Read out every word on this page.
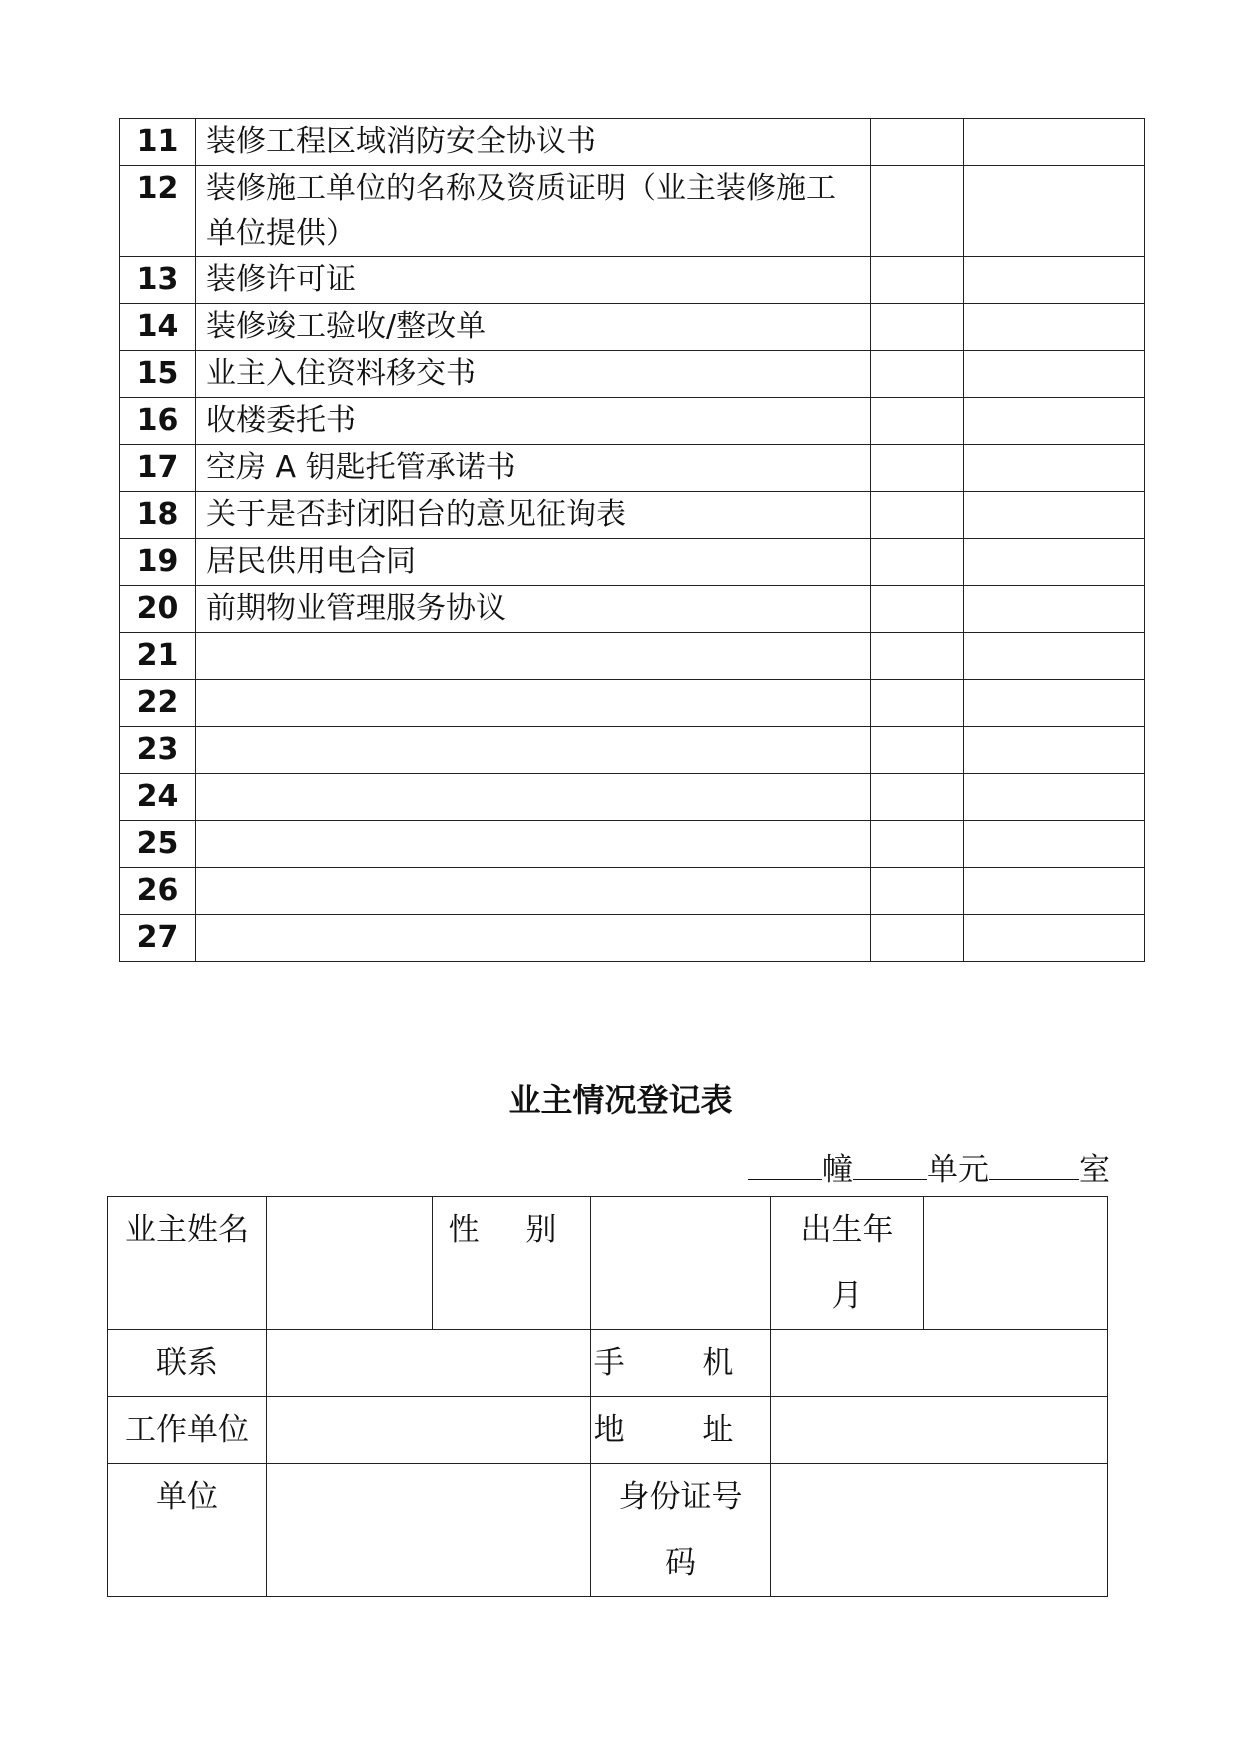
11	装修工程区域消防安全协议书		
12	装修施工单位的名称及资质证明（业主装修施工单位提供）		
13	装修许可证		
14	装修竣工验收/整改单		
15	业主入住资料移交书		
16	收楼委托书		
17	空房 A 钥匙托管承诺书		
18	关于是否封闭阳台的意见征询表		
19	居民供用电合同		
20	前期物业管理服务协议		
21			
22			
23			
24			
25			
26			
27			
业主情况登记表
幢 单元	室
业主姓名		性 别		出生年月	
联系			手 机		
工作单位			地 址		
单位			身份证号码		
